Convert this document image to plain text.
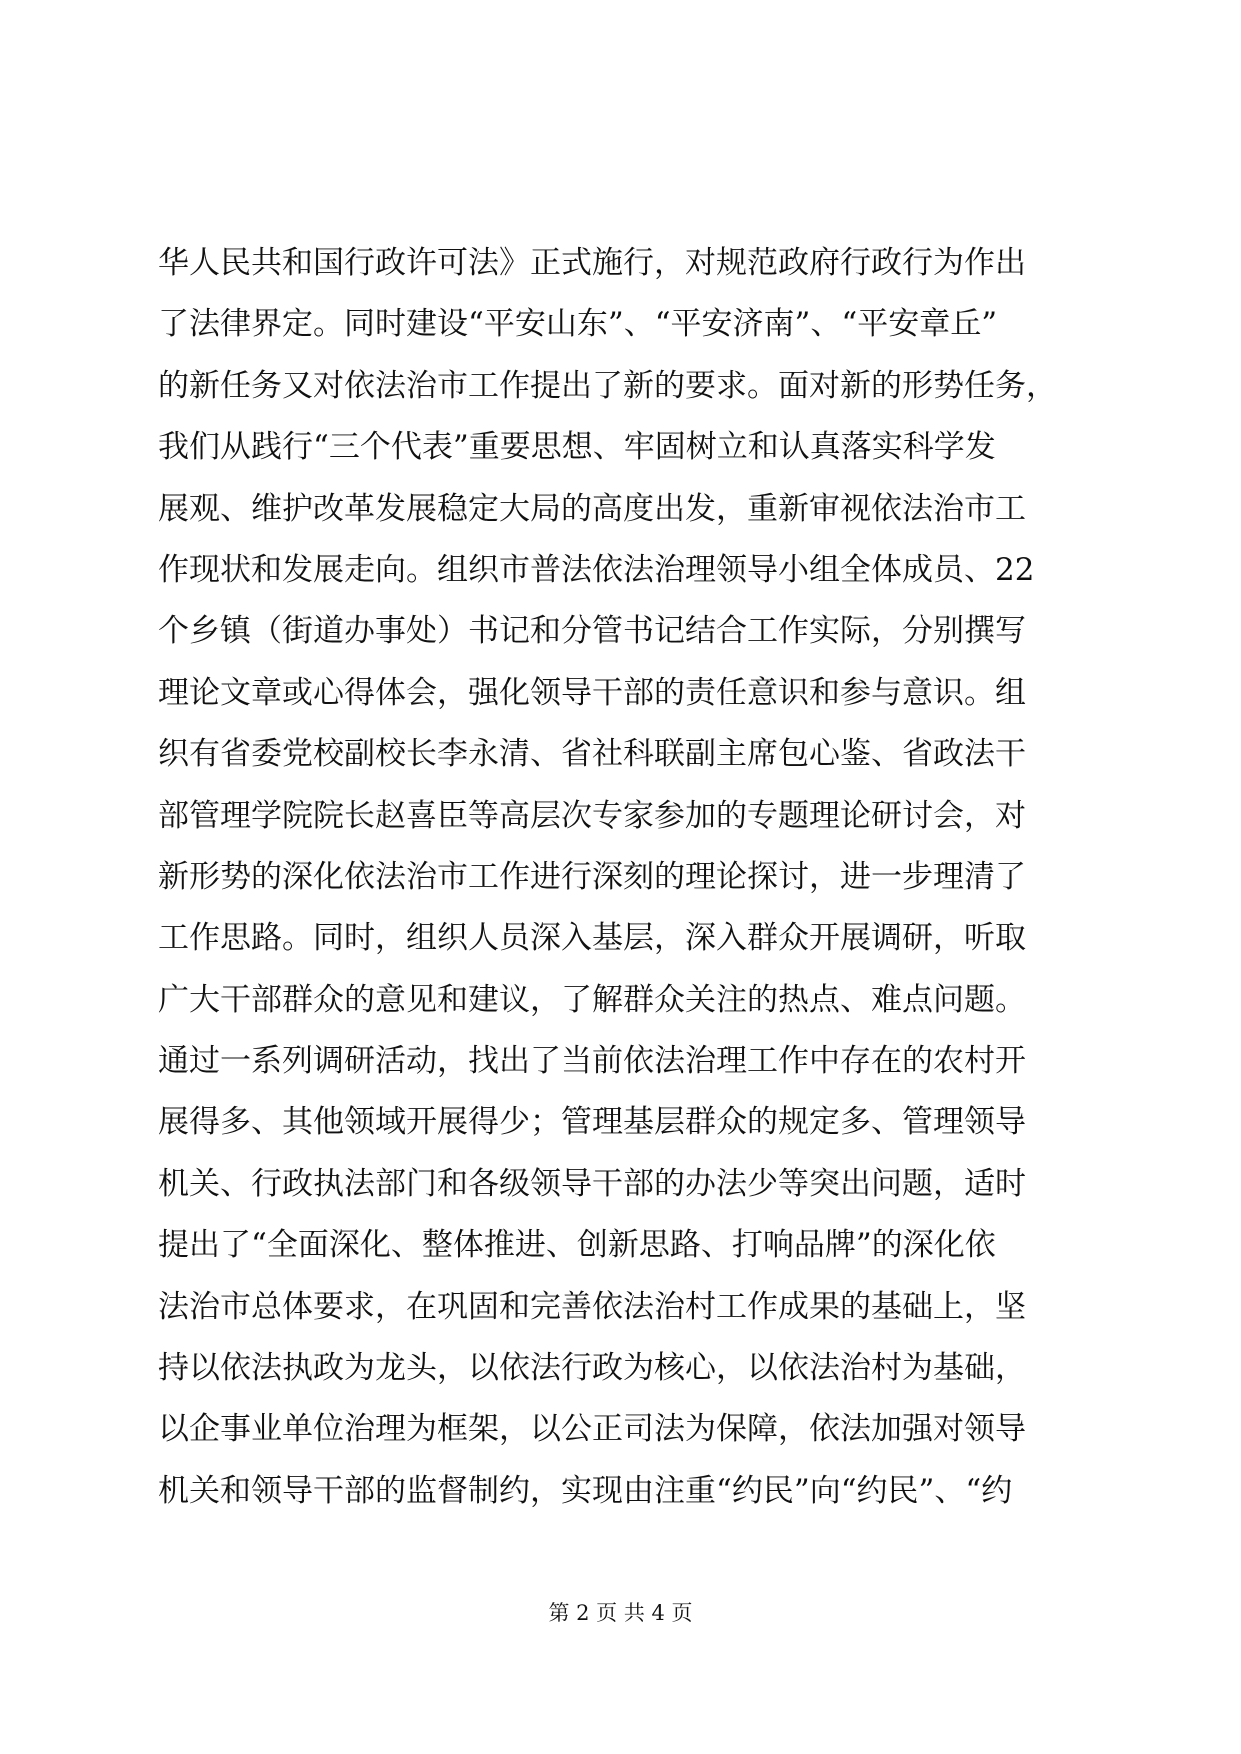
华人民共和国行政许可法》正式施行，对规范政府行政行为作出
了法律界定。同时建设“平安山东”、“平安济南”、“平安章丘”
的新任务又对依法治市工作提出了新的要求。面对新的形势任务，
我们从践行“三个代表”重要思想、牢固树立和认真落实科学发
展观、维护改革发展稳定大局的高度出发，重新审视依法治市工
作现状和发展走向。组织市普法依法治理领导小组全体成员、22
个乡镇（街道办事处）书记和分管书记结合工作实际，分别撰写
理论文章或心得体会，强化领导干部的责任意识和参与意识。组
织有省委党校副校长李永清、省社科联副主席包心鉴、省政法干
部管理学院院长赵喜臣等高层次专家参加的专题理论研讨会，对
新形势的深化依法治市工作进行深刻的理论探讨，进一步理清了
工作思路。同时，组织人员深入基层，深入群众开展调研，听取
广大干部群众的意见和建议，了解群众关注的热点、难点问题。
通过一系列调研活动，找出了当前依法治理工作中存在的农村开
展得多、其他领域开展得少；管理基层群众的规定多、管理领导
机关、行政执法部门和各级领导干部的办法少等突出问题，适时
提出了“全面深化、整体推进、创新思路、打响品牌”的深化依
法治市总体要求，在巩固和完善依法治村工作成果的基础上，坚
持以依法执政为龙头，以依法行政为核心，以依法治村为基础，
以企事业单位治理为框架，以公正司法为保障，依法加强对领导
机关和领导干部的监督制约，实现由注重“约民”向“约民”、“约
第 2 页 共 4 页
